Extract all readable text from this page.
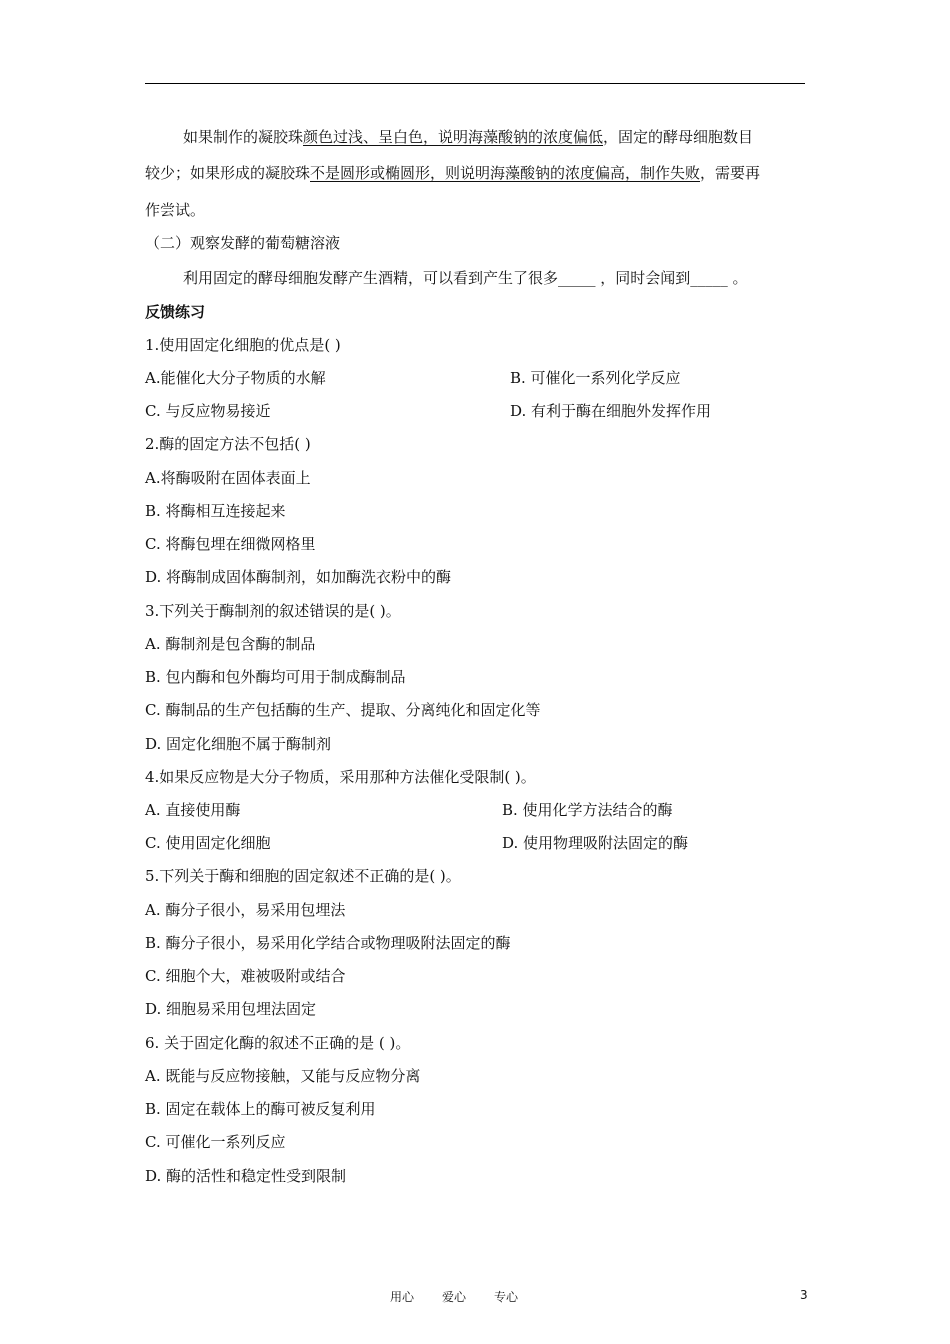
如果制作的凝胶珠颜色过浅、呈白色，说明海藻酸钠的浓度偏低，固定的酵母细胞数目
较少；如果形成的凝胶珠不是圆形或椭圆形，则说明海藻酸钠的浓度偏高，制作失败，需要再
作尝试。
（二）观察发酵的葡萄糖溶液
利用固定的酵母细胞发酵产生酒精，可以看到产生了很多_____ ，同时会闻到_____ 。
反馈练习
1.使用固定化细胞的优点是( )
A.能催化大分子物质的水解	B. 可催化一系列化学反应
C. 与反应物易接近	D. 有利于酶在细胞外发挥作用
2.酶的固定方法不包括( )
A.将酶吸附在固体表面上
B. 将酶相互连接起来
C. 将酶包埋在细微网格里
D. 将酶制成固体酶制剂，如加酶洗衣粉中的酶
3.下列关于酶制剂的叙述错误的是( )。
A. 酶制剂是包含酶的制品
B. 包内酶和包外酶均可用于制成酶制品
C. 酶制品的生产包括酶的生产、提取、分离纯化和固定化等
D. 固定化细胞不属于酶制剂
4.如果反应物是大分子物质，采用那种方法催化受限制( )。
A. 直接使用酶	B. 使用化学方法结合的酶
C. 使用固定化细胞	D. 使用物理吸附法固定的酶
5.下列关于酶和细胞的固定叙述不正确的是( )。
A. 酶分子很小，易采用包埋法
B. 酶分子很小，易采用化学结合或物理吸附法固定的酶
C. 细胞个大，难被吸附或结合
D. 细胞易采用包埋法固定
6. 关于固定化酶的叙述不正确的是 ( )。
A. 既能与反应物接触，又能与反应物分离
B. 固定在载体上的酶可被反复利用
C. 可催化一系列反应
D. 酶的活性和稳定性受到限制
用心 爱心 专心	3
